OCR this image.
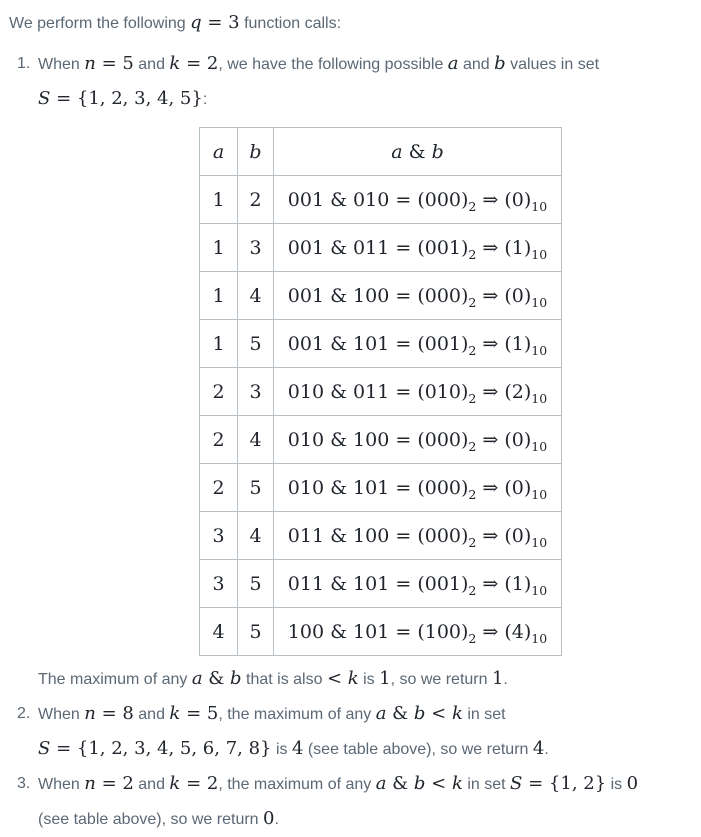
We perform the following q = 3 function calls:
1. When n = 5 and k = 2, we have the following possible a and b values in set
S = {1, 2, 3, 4, 5}:
a	b	a & b
1	2	001 & $010 = (000)_2$ ⇒ $(0)_{10}$
1	3	001 & $011 = (001)_2$ ⇒ $(1)_{10}$
1	4	001 & $100 = (000)_2$ ⇒ $(0)_{10}$
1	5	001 & $101 = (001)_2$ ⇒ $(1)_{10}$
2	3	010 & $011 = (010)_2$ ⇒ $(2)_{10}$
2	4	010 & $100 = (000)_2$ ⇒ $(0)_{10}$
2	5	010 & $101 = (000)_2$ ⇒ $(0)_{10}$
3	4	011 & $100 = (000)_2$ ⇒ $(0)_{10}$
3	5	011 & $101 = (001)_2$ ⇒ $(1)_{10}$
4	5	100 & $101 = (100)_2$ ⇒ $(4)_{10}$
The maximum of any a & b that is also < k is 1, so we return 1.
2. When n = 8 and k = 5, the maximum of any a & b < k in set
S = {1, 2, 3, 4, 5, 6, 7, 8} is 4 (see table above), so we return 4.
3. When n = 2 and k = 2, the maximum of any a & b < k in set S = {1, 2} is 0
(see table above), so we return 0.
